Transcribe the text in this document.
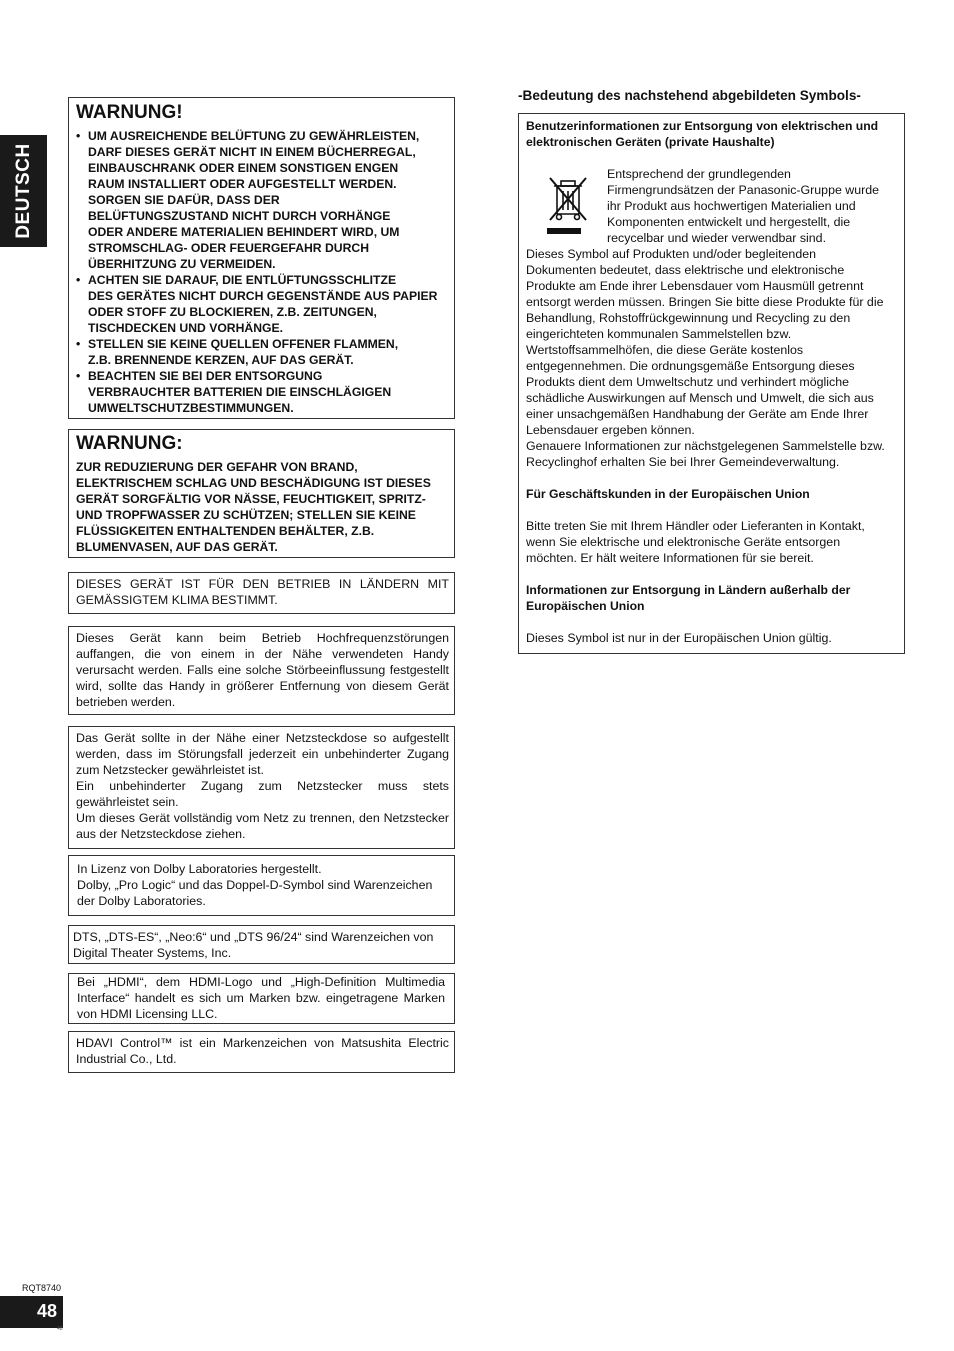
DEUTSCH
WARNUNG!
• UM AUSREICHENDE BELÜFTUNG ZU GEWÄHRLEISTEN,
DARF DIESES GERÄT NICHT IN EINEM BÜCHERREGAL,
EINBAUSCHRANK ODER EINEM SONSTIGEN ENGEN
RAUM INSTALLIERT ODER AUFGESTELLT WERDEN.
SORGEN SIE DAFÜR, DASS DER
BELÜFTUNGSZUSTAND NICHT DURCH VORHÄNGE
ODER ANDERE MATERIALIEN BEHINDERT WIRD, UM
STROMSCHLAG- ODER FEUERGEFAHR DURCH
ÜBERHITZUNG ZU VERMEIDEN.
• ACHTEN SIE DARAUF, DIE ENTLÜFTUNGSSCHLITZE
DES GERÄTES NICHT DURCH GEGENSTÄNDE AUS PAPIER
ODER STOFF ZU BLOCKIEREN, Z.B. ZEITUNGEN,
TISCHDECKEN UND VORHÄNGE.
• STELLEN SIE KEINE QUELLEN OFFENER FLAMMEN,
Z.B. BRENNENDE KERZEN, AUF DAS GERÄT.
• BEACHTEN SIE BEI DER ENTSORGUNG
VERBRAUCHTER BATTERIEN DIE EINSCHLÄGIGEN
UMWELTSCHUTZBESTIMMUNGEN.
WARNUNG:
ZUR REDUZIERUNG DER GEFAHR VON BRAND,
ELEKTRISCHEM SCHLAG UND BESCHÄDIGUNG IST DIESES
GERÄT SORGFÄLTIG VOR NÄSSE, FEUCHTIGKEIT, SPRITZ-
UND TROPFWASSER ZU SCHÜTZEN; STELLEN SIE KEINE
FLÜSSIGKEITEN ENTHALTENDEN BEHÄLTER, Z.B.
BLUMENVASEN, AUF DAS GERÄT.
DIESES GERÄT IST FÜR DEN BETRIEB IN LÄNDERN MIT GEMÄSSIGTEM KLIMA BESTIMMT.
Dieses Gerät kann beim Betrieb Hochfrequenzstörungen auffangen, die von einem in der Nähe verwendeten Handy verursacht werden. Falls eine solche Störbeeinflussung festgestellt wird, sollte das Handy in größerer Entfernung von diesem Gerät betrieben werden.
Das Gerät sollte in der Nähe einer Netzsteckdose so aufgestellt werden, dass im Störungsfall jederzeit ein unbehinderter Zugang zum Netzstecker gewährleistet ist.
Ein unbehinderter Zugang zum Netzstecker muss stets gewährleistet sein.
Um dieses Gerät vollständig vom Netz zu trennen, den Netzstecker aus der Netzsteckdose ziehen.
In Lizenz von Dolby Laboratories hergestellt.
Dolby, „Pro Logic“ und das Doppel-D-Symbol sind Warenzeichen
der Dolby Laboratories.
DTS, „DTS-ES“, „Neo:6“ und „DTS 96/24“ sind Warenzeichen von Digital Theater Systems, Inc.
Bei „HDMI“, dem HDMI-Logo und „High-Definition Multimedia Interface“ handelt es sich um Marken bzw. eingetragene Marken von HDMI Licensing LLC.
HDAVI Control™ ist ein Markenzeichen von Matsushita Electric Industrial Co., Ltd.
-Bedeutung des nachstehend abgebildeten Symbols-
Benutzerinformationen zur Entsorgung von elektrischen und elektronischen Geräten (private Haushalte)
Entsprechend der grundlegenden
Firmengrundsätzen der Panasonic-Gruppe wurde
ihr Produkt aus hochwertigen Materialien und
Komponenten entwickelt und hergestellt, die
recycelbar und wieder verwendbar sind.
Dieses Symbol auf Produkten und/oder begleitenden
Dokumenten bedeutet, dass elektrische und elektronische
Produkte am Ende ihrer Lebensdauer vom Hausmüll getrennt
entsorgt werden müssen. Bringen Sie bitte diese Produkte für die
Behandlung, Rohstoffrückgewinnung und Recycling zu den
eingerichteten kommunalen Sammelstellen bzw.
Wertstoffsammelhöfen, die diese Geräte kostenlos
entgegennehmen. Die ordnungsgemäße Entsorgung dieses
Produkts dient dem Umweltschutz und verhindert mögliche
schädliche Auswirkungen auf Mensch und Umwelt, die sich aus
einer unsachgemäßen Handhabung der Geräte am Ende Ihrer
Lebensdauer ergeben können.
Genauere Informationen zur nächstgelegenen Sammelstelle bzw.
Recyclinghof erhalten Sie bei Ihrer Gemeindeverwaltung.
Für Geschäftskunden in der Europäischen Union
Bitte treten Sie mit Ihrem Händler oder Lieferanten in Kontakt,
wenn Sie elektrische und elektronische Geräte entsorgen
möchten. Er hält weitere Informationen für sie bereit.
Informationen zur Entsorgung in Ländern außerhalb der
Europäischen Union
Dieses Symbol ist nur in der Europäischen Union gültig.
RQT8740
48
48
